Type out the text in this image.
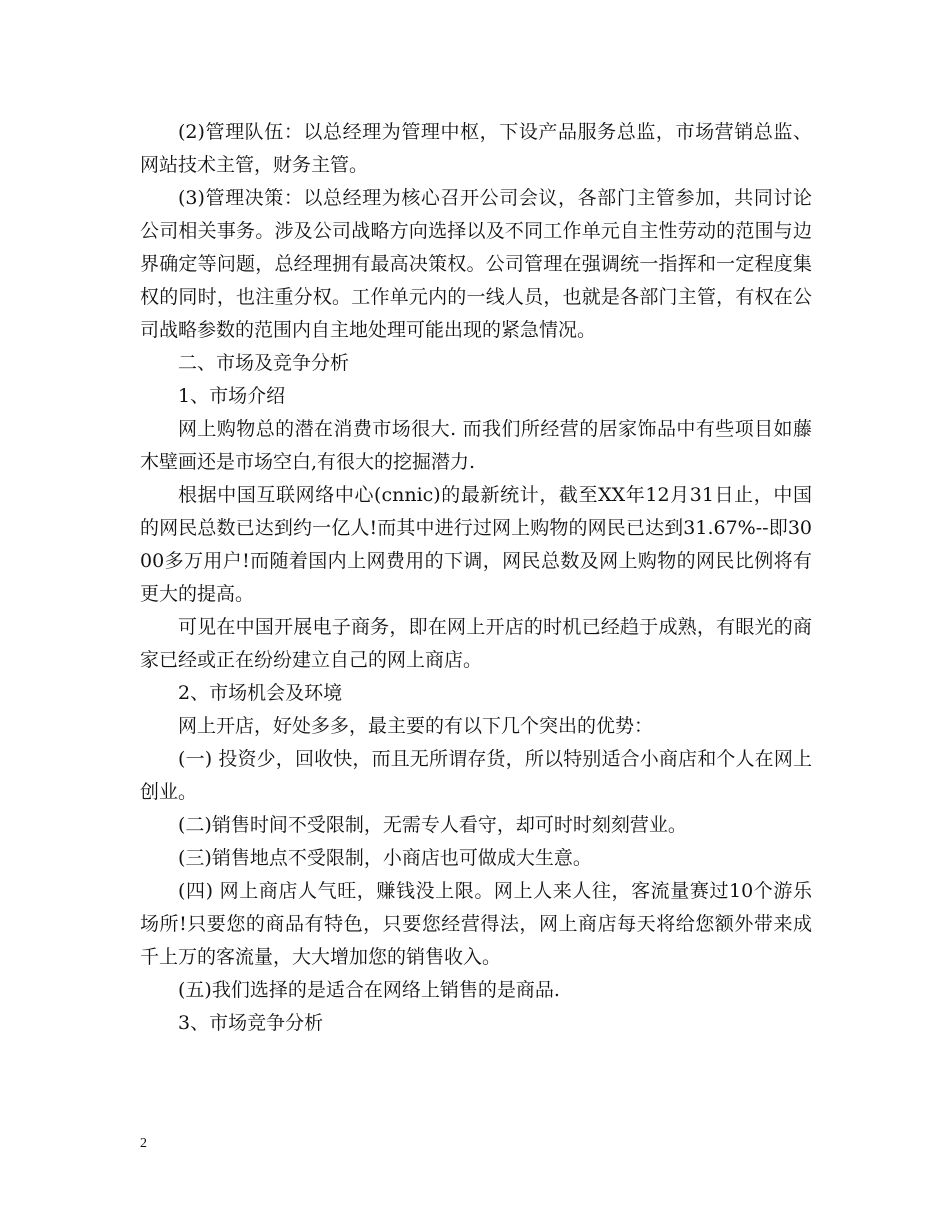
(2)管理队伍：以总经理为管理中枢，下设产品服务总监，市场营销总监、网站技术主管，财务主管。

(3)管理决策：以总经理为核心召开公司会议，各部门主管参加，共同讨论公司相关事务。涉及公司战略方向选择以及不同工作单元自主性劳动的范围与边界确定等问题，总经理拥有最高决策权。公司管理在强调统一指挥和一定程度集权的同时，也注重分权。工作单元内的一线人员，也就是各部门主管，有权在公司战略参数的范围内自主地处理可能出现的紧急情况。

二、市场及竞争分析

1、市场介绍

网上购物总的潜在消费市场很大. 而我们所经营的居家饰品中有些项目如藤木壁画还是市场空白,有很大的挖掘潜力.

根据中国互联网络中心(cnnic)的最新统计，截至XX年12月31日止，中国的网民总数已达到约一亿人!而其中进行过网上购物的网民已达到31.67%--即3000多万用户!而随着国内上网费用的下调，网民总数及网上购物的网民比例将有更大的提高。

可见在中国开展电子商务，即在网上开店的时机已经趋于成熟，有眼光的商家已经或正在纷纷建立自己的网上商店。

2、市场机会及环境

网上开店，好处多多，最主要的有以下几个突出的优势：

(一) 投资少，回收快，而且无所谓存货，所以特别适合小商店和个人在网上创业。

(二)销售时间不受限制，无需专人看守，却可时时刻刻营业。

(三)销售地点不受限制，小商店也可做成大生意。

(四) 网上商店人气旺，赚钱没上限。网上人来人往，客流量赛过10个游乐场所!只要您的商品有特色，只要您经营得法，网上商店每天将给您额外带来成千上万的客流量，大大增加您的销售收入。

(五)我们选择的是适合在网络上销售的是商品.

3、市场竞争分析

2
